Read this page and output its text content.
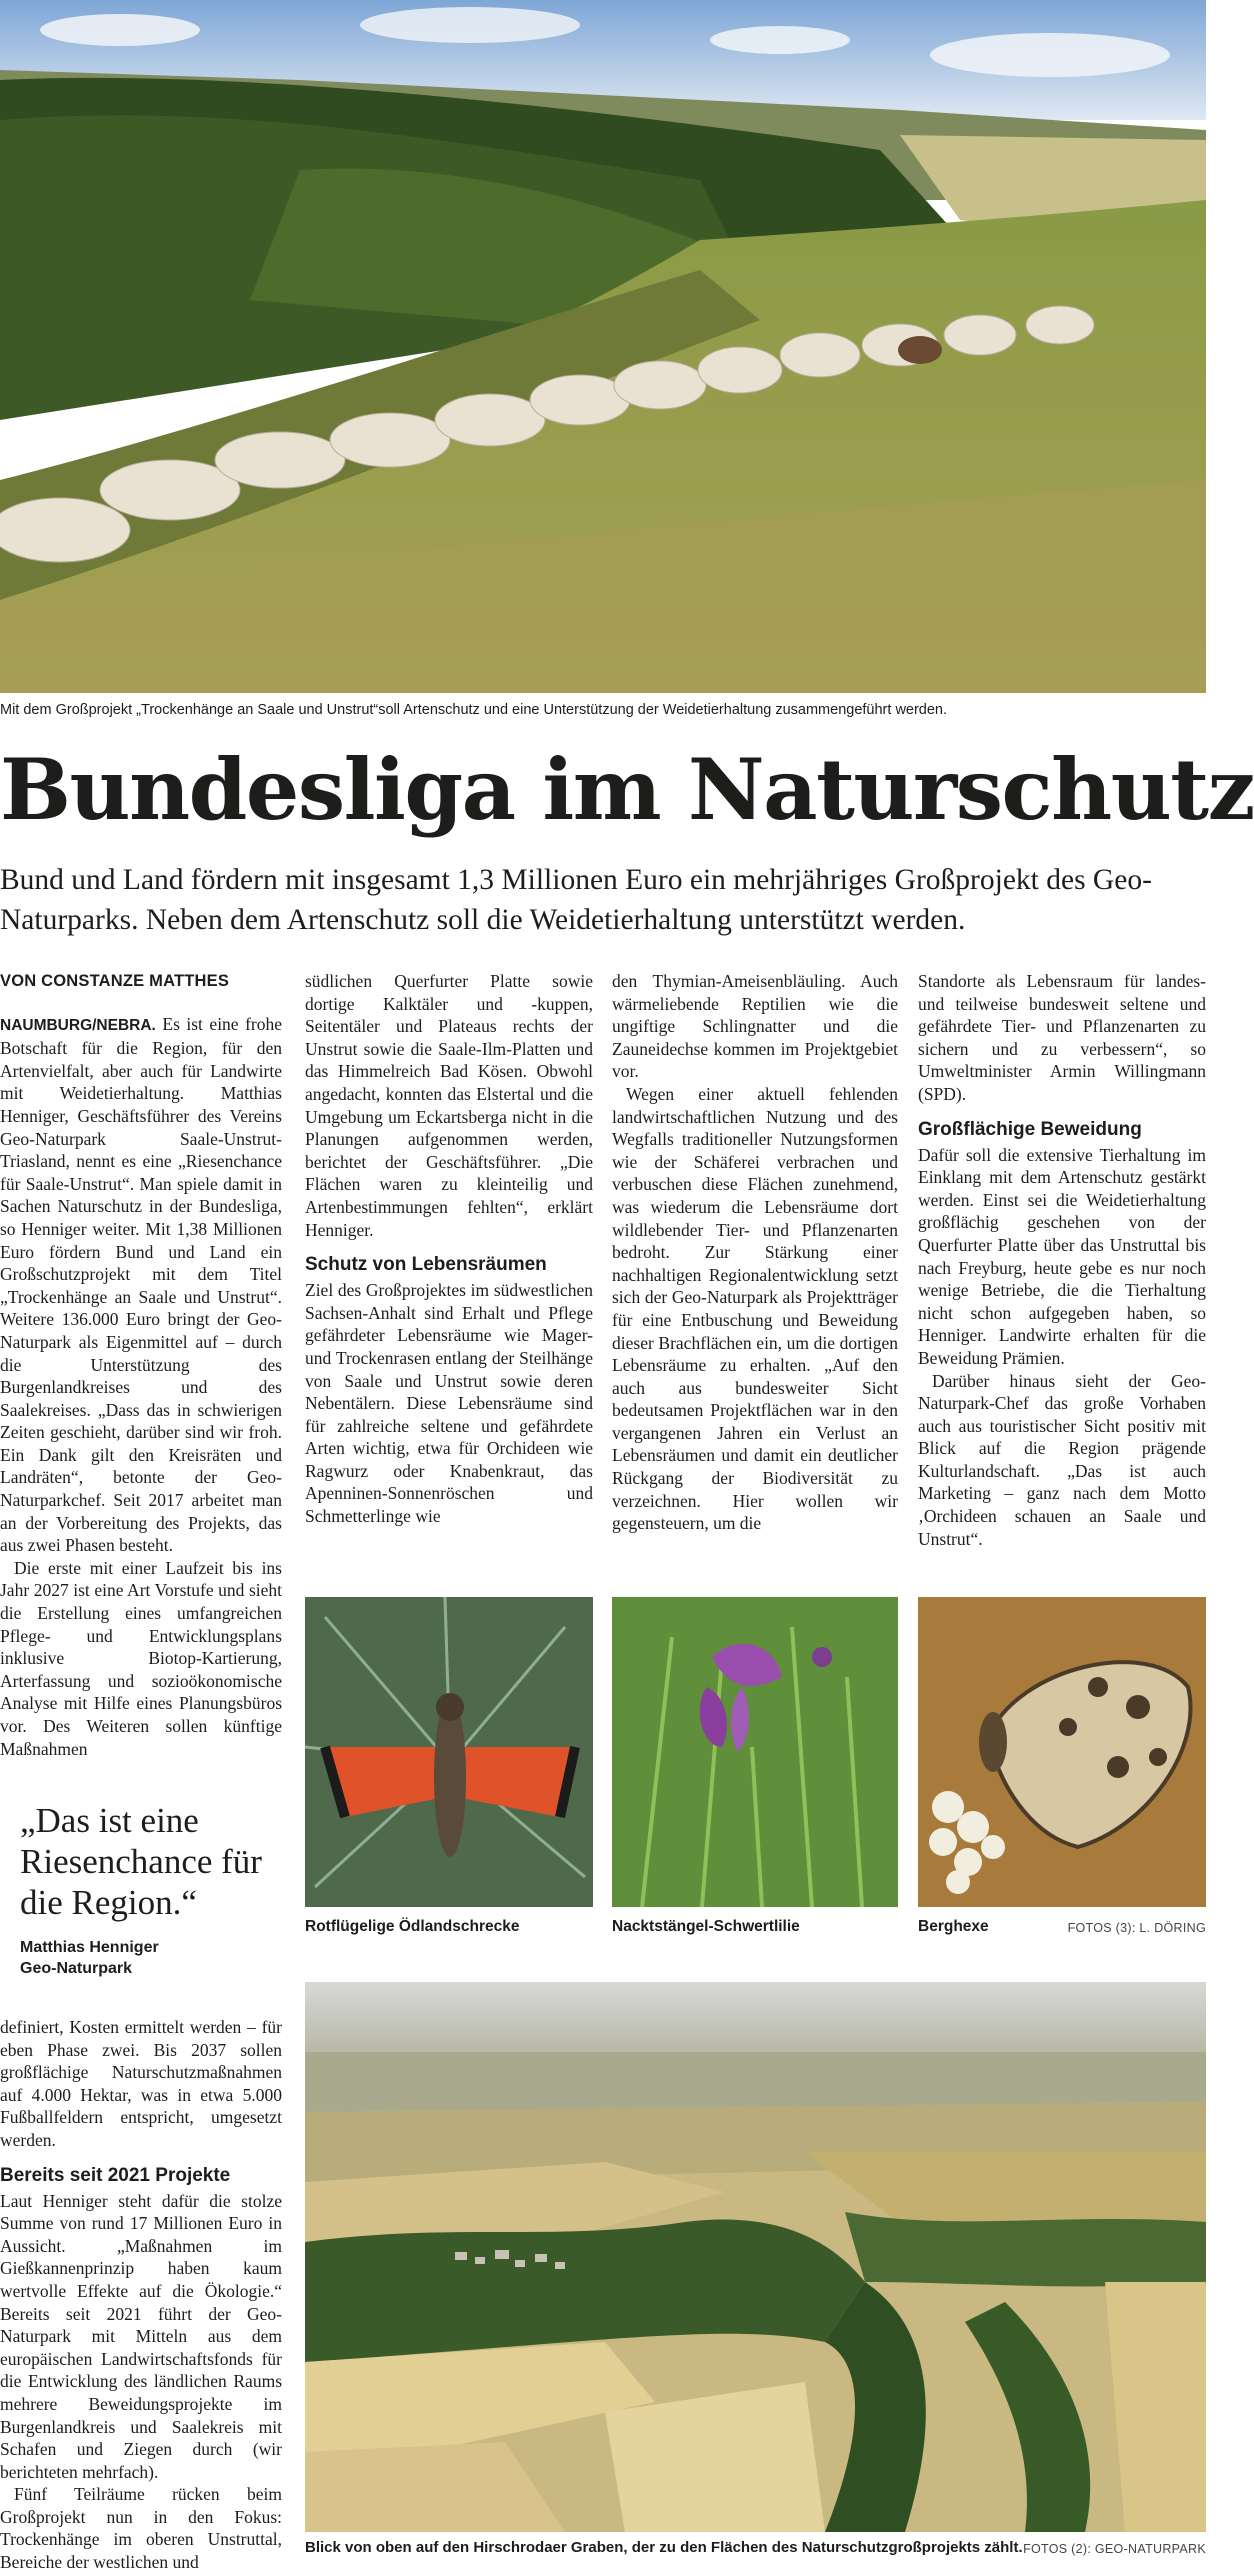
Mit dem Großprojekt „Trockenhänge an Saale und Unstrut“soll Artenschutz und eine Unterstützung der Weidetierhaltung zusammengeführt werden.
Bundesliga im Naturschutz

Bund und Land fördern mit insgesamt 1,3 Millionen Euro ein mehrjähriges Großprojekt des Geo-Naturparks. Neben dem Artenschutz soll die Weidetierhaltung unterstützt werden.

VON CONSTANZE MATTHES

NAUMBURG/NEBRA. Es ist eine frohe Botschaft für die Region, für den Artenvielfalt, aber auch für Landwirte mit Weidetierhaltung. Matthias Henniger, Geschäftsführer des Vereins Geo-Naturpark Saale-Unstrut-Triasland, nennt es eine „Riesenchance für Saale-Unstrut“. Man spiele damit in Sachen Naturschutz in der Bundesliga, so Henniger weiter. Mit 1,38 Millionen Euro fördern Bund und Land ein Großschutzprojekt mit dem Titel „Trockenhänge an Saale und Unstrut“. Weitere 136.000 Euro bringt der Geo-Naturpark als Eigenmittel auf – durch die Unterstützung des Burgenlandkreises und des Saalekreises. „Dass das in schwierigen Zeiten geschieht, darüber sind wir froh. Ein Dank gilt den Kreisräten und Landräten“, betonte der Geo-Naturparkchef. Seit 2017 arbeitet man an der Vorbereitung des Projekts, das aus zwei Phasen besteht.

Die erste mit einer Laufzeit bis ins Jahr 2027 ist eine Art Vorstufe und sieht die Erstellung eines umfangreichen Pflege- und Entwicklungsplans inklusive Biotop-Kartierung, Arterfassung und sozioökonomische Analyse mit Hilfe eines Planungsbüros vor. Des Weiteren sollen künftige Maßnahmen

südlichen Querfurter Platte sowie dortige Kalktäler und -kuppen, Seitentäler und Plateaus rechts der Unstrut sowie die Saale-Ilm-Platten und das Himmelreich Bad Kösen. Obwohl angedacht, konnten das Elstertal und die Umgebung um Eckartsberga nicht in die Planungen aufgenommen werden, berichtet der Geschäftsführer. „Die Flächen waren zu kleinteilig und Artenbestimmungen fehlten“, erklärt Henniger.

Schutz von Lebensräumen

Ziel des Großprojektes im südwestlichen Sachsen-Anhalt sind Erhalt und Pflege gefährdeter Lebensräume wie Mager- und Trockenrasen entlang der Steilhänge von Saale und Unstrut sowie deren Nebentälern. Diese Lebensräume sind für zahlreiche seltene und gefährdete Arten wichtig, etwa für Orchideen wie Ragwurz oder Knabenkraut, das Apenninen-Sonnenröschen und Schmetterlinge wie

den Thymian-Ameisenbläuling. Auch wärmeliebende Reptilien wie die ungiftige Schlingnatter und die Zauneidechse kommen im Projektgebiet vor.

Wegen einer aktuell fehlenden landwirtschaftlichen Nutzung und des Wegfalls traditioneller Nutzungsformen wie der Schäferei verbrachen und verbuschen diese Flächen zunehmend, was wiederum die Lebensräume dort wildlebender Tier- und Pflanzenarten bedroht. Zur Stärkung einer nachhaltigen Regionalentwicklung setzt sich der Geo-Naturpark als Projektträger für eine Entbuschung und Beweidung dieser Brachflächen ein, um die dortigen Lebensräume zu erhalten. „Auf den auch aus bundesweiter Sicht bedeutsamen Projektflächen war in den vergangenen Jahren ein Verlust an Lebensräumen und damit ein deutlicher Rückgang der Biodiversität zu verzeichnen. Hier wollen wir gegensteuern, um die

Standorte als Lebensraum für landes- und teilweise bundesweit seltene und gefährdete Tier- und Pflanzenarten zu sichern und zu verbessern“, so Umweltminister Armin Willingmann (SPD).

Großflächige Beweidung

Dafür soll die extensive Tierhaltung im Einklang mit dem Artenschutz gestärkt werden. Einst sei die Weidetierhaltung großflächig geschehen von der Querfurter Platte über das Unstruttal bis nach Freyburg, heute gebe es nur noch wenige Betriebe, die die Tierhaltung nicht schon aufgegeben haben, so Henniger. Landwirte erhalten für die Beweidung Prämien.

Darüber hinaus sieht der Geo-Naturpark-Chef das große Vorhaben auch aus touristischer Sicht positiv mit Blick auf die Region prägende Kulturlandschaft. „Das ist auch Marketing – ganz nach dem Motto ‚Orchideen schauen an Saale und Unstrut“.

„Das ist eine Riesenchance für die Region.“
Matthias Henniger
Geo-Naturpark
Rotflügelige Ödlandschrecke	Nacktstängel-Schwertlilie	Berghexe	FOTOS (3): L. DÖRING

definiert, Kosten ermittelt werden – für eben Phase zwei. Bis 2037 sollen großflächige Naturschutzmaßnahmen auf 4.000 Hektar, was in etwa 5.000 Fußballfeldern entspricht, umgesetzt werden.

Bereits seit 2021 Projekte

Laut Henniger steht dafür die stolze Summe von rund 17 Millionen Euro in Aussicht. „Maßnahmen im Gießkannenprinzip haben kaum wertvolle Effekte auf die Ökologie.“ Bereits seit 2021 führt der Geo-Naturpark mit Mitteln aus dem europäischen Landwirtschaftsfonds für die Entwicklung des ländlichen Raums mehrere Beweidungsprojekte im Burgenlandkreis und Saalekreis mit Schafen und Ziegen durch (wir berichteten mehrfach).

Fünf Teilräume rücken beim Großprojekt nun in den Fokus: Trockenhänge im oberen Unstruttal, Bereiche der westlichen und

Blick von oben auf den Hirschrodaer Graben, der zu den Flächen des Naturschutzgroßprojekts zählt. FOTOS (2): GEO-NATURPARK
